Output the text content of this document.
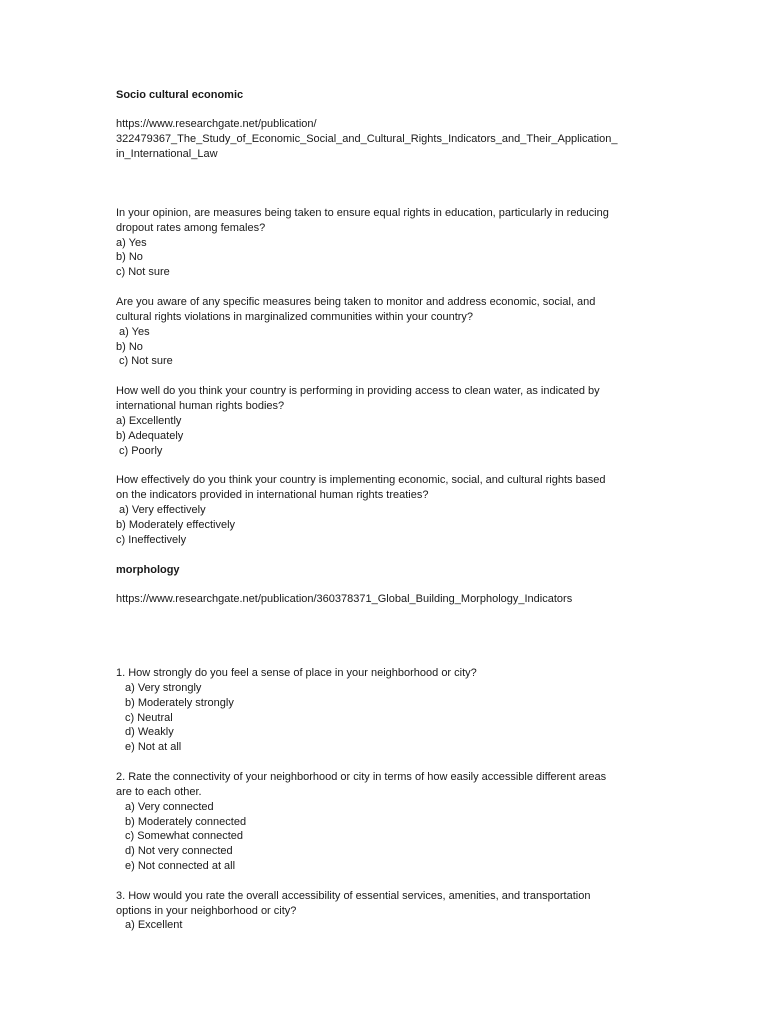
Socio cultural economic
https://www.researchgate.net/publication/
322479367_The_Study_of_Economic_Social_and_Cultural_Rights_Indicators_and_Their_Application_
in_International_Law
In your opinion, are measures being taken to ensure equal rights in education, particularly in reducing
dropout rates among females?
a) Yes
b) No
c) Not sure
Are you aware of any specific measures being taken to monitor and address economic, social, and
cultural rights violations in marginalized communities within your country?
a) Yes
b) No
c) Not sure
How well do you think your country is performing in providing access to clean water, as indicated by
international human rights bodies?
a) Excellently
b) Adequately
c) Poorly
How effectively do you think your country is implementing economic, social, and cultural rights based
on the indicators provided in international human rights treaties?
a) Very effectively
b) Moderately effectively
c) Ineffectively
morphology
https://www.researchgate.net/publication/360378371_Global_Building_Morphology_Indicators
1. How strongly do you feel a sense of place in your neighborhood or city?
a) Very strongly
b) Moderately strongly
c) Neutral
d) Weakly
e) Not at all
2. Rate the connectivity of your neighborhood or city in terms of how easily accessible different areas
are to each other.
a) Very connected
b) Moderately connected
c) Somewhat connected
d) Not very connected
e) Not connected at all
3. How would you rate the overall accessibility of essential services, amenities, and transportation
options in your neighborhood or city?
a) Excellent
